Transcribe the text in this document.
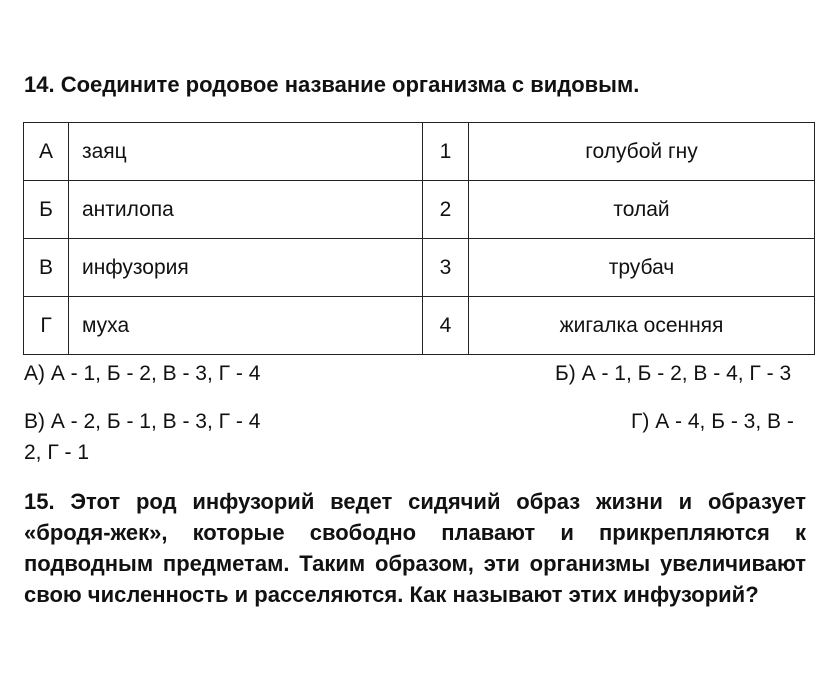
14. Соедините родовое название организма с видовым.
А	заяц	1	голубой гну
Б	антилопа	2	толай
В	инфузория	3	трубач
Г	муха	4	жигалка осенняя
А) А - 1, Б - 2, В - 3, Г - 4	Б) А - 1, Б - 2, В - 4, Г - 3
В) А - 2, Б - 1, В - 3, Г - 4	Г) А - 4, Б - 3, В -
2, Г - 1
15. Этот род инфузорий ведет сидячий образ жизни и образует «бродя-жек», которые свободно плавают и прикрепляются к подводным предметам. Таким образом, эти организмы увеличивают свою численность и расселяются. Как называют этих инфузорий?
